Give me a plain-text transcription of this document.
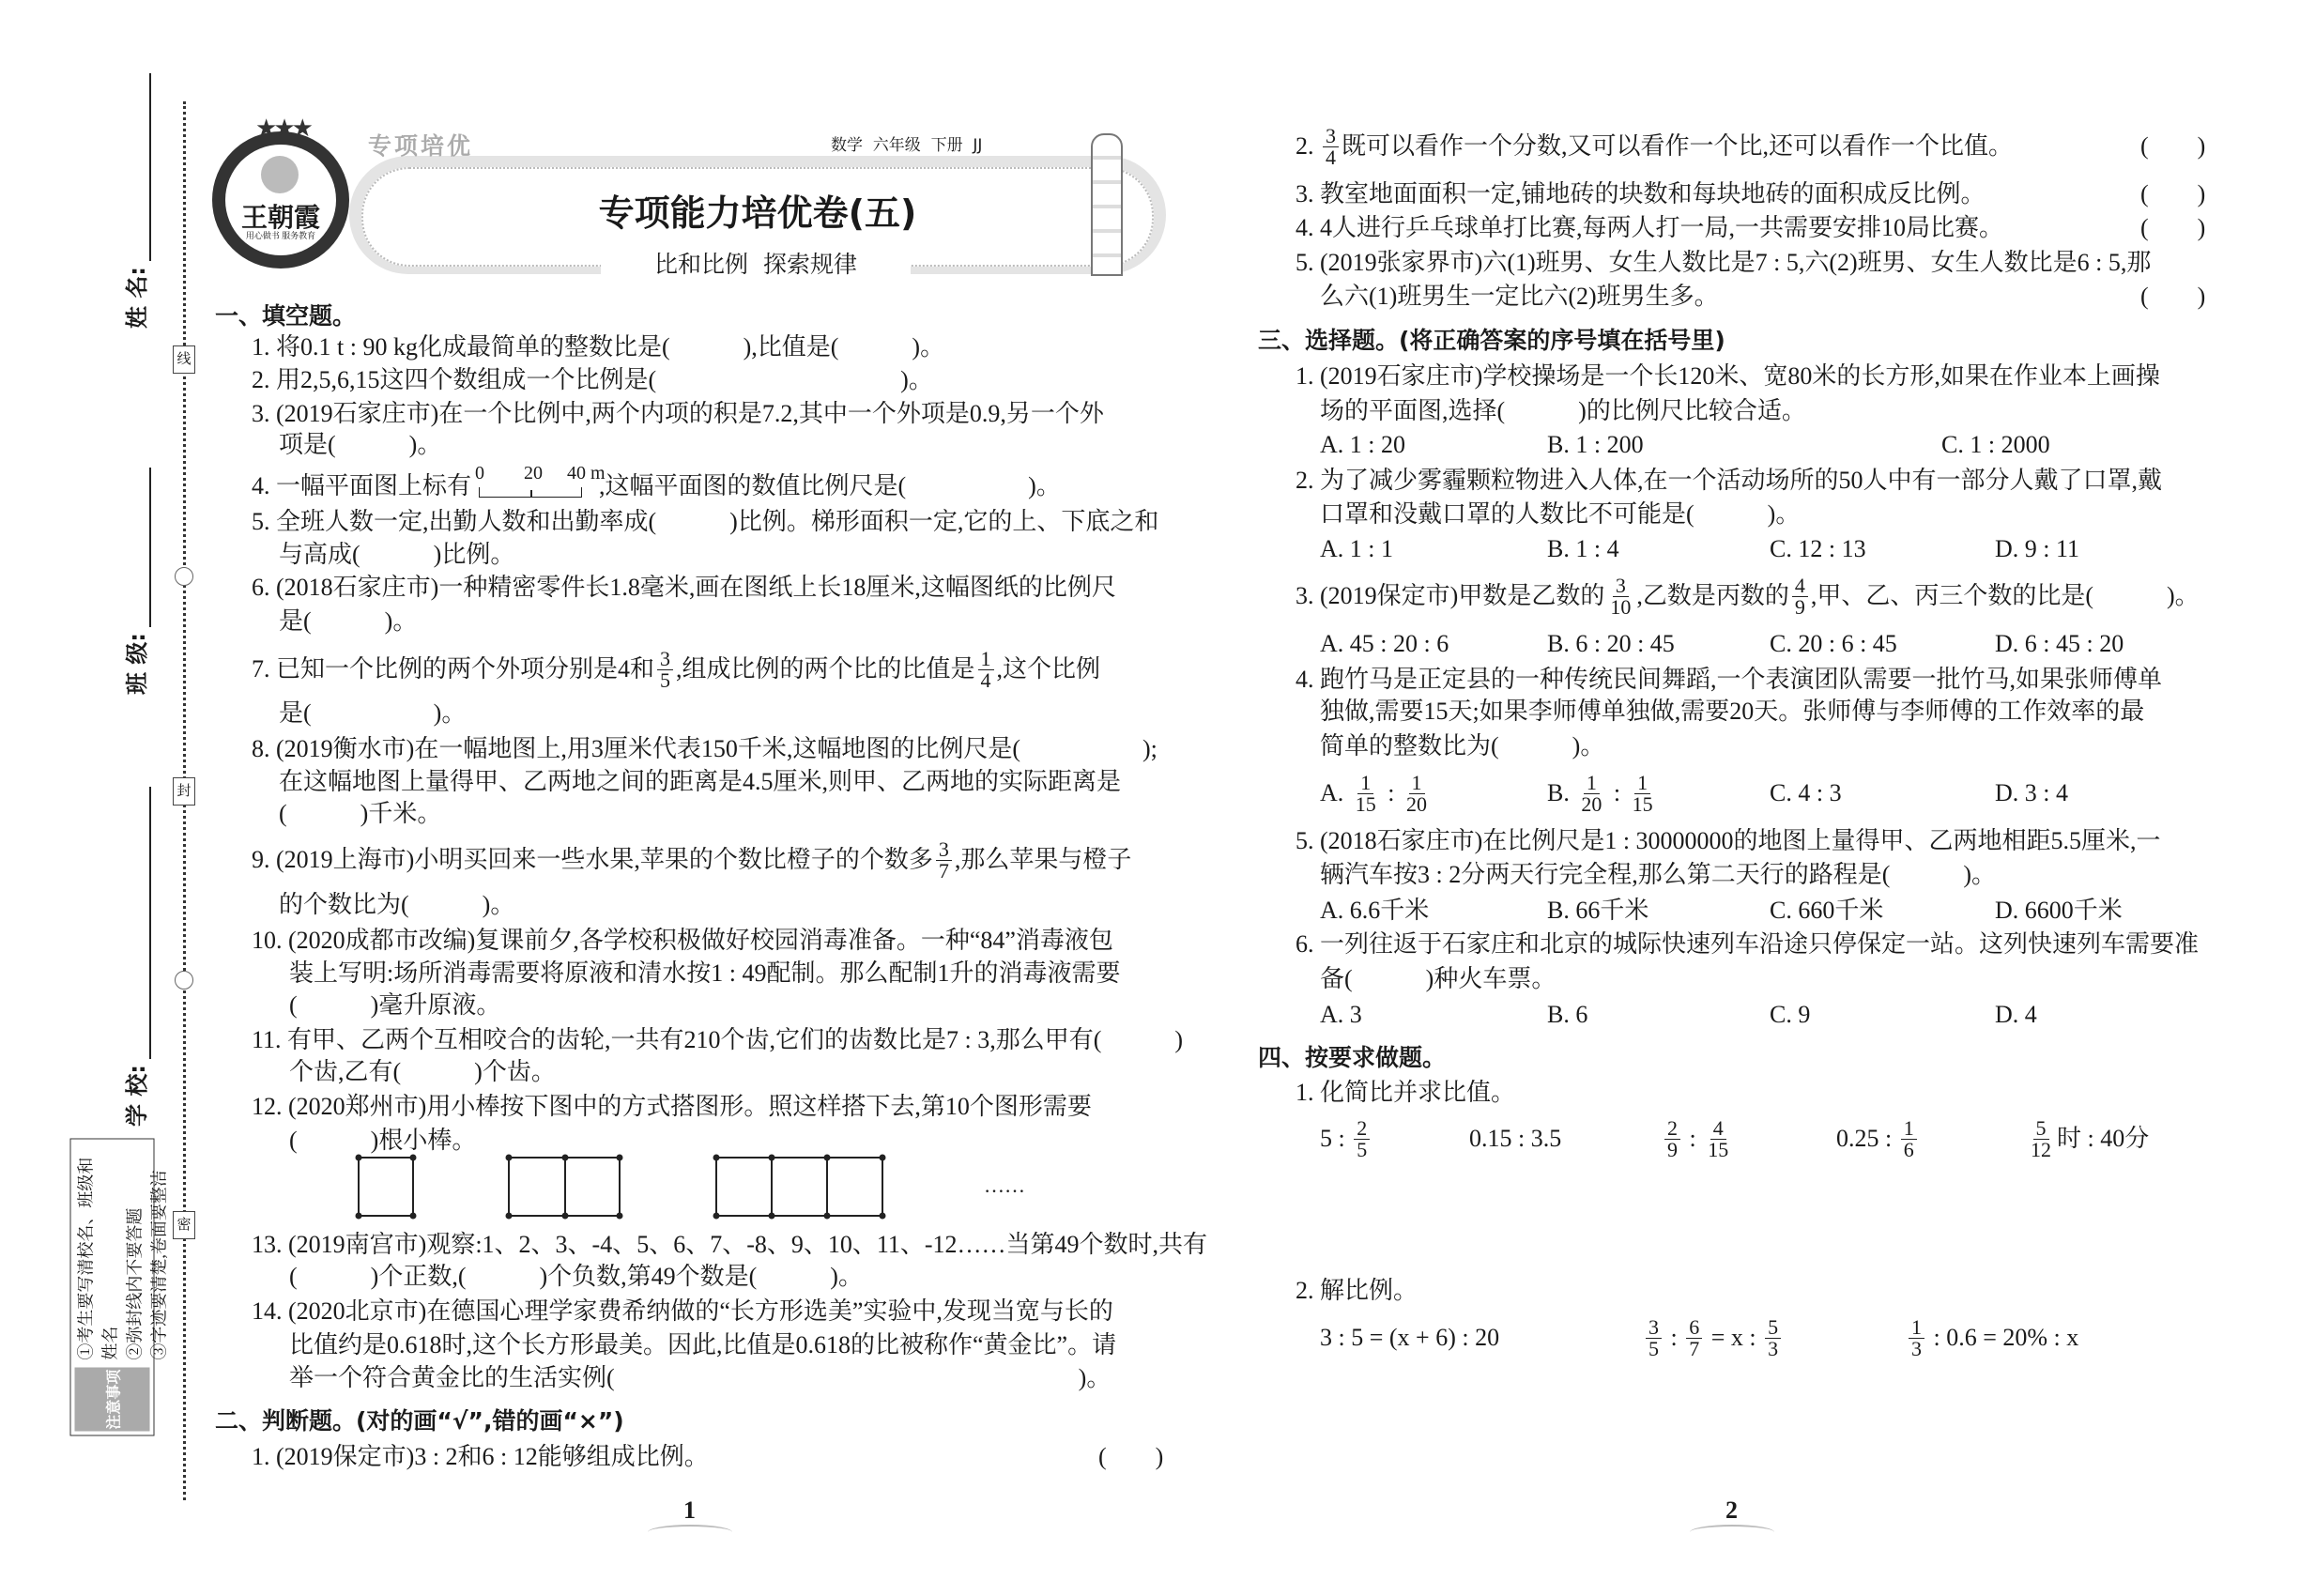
线
封
密
姓 名:
班 级:
学 校:
注意事项
①考生要写清校名、班级和姓名 ②弥封线内不要答题 ③字迹要清楚,卷面要整洁
王朝霞
用心做书 服务教育
★★★
专项培优	数学  六年级  下册  JJ
专项能力培优卷(五)
比和比例  探索规律
一、填空题。
1. 将0.1 t : 90 kg化成最简单的整数比是(　　　),比值是(　　　)。
2. 用2,5,6,15这四个数组成一个比例是(　　　　　　　　　　)。
3. (2019石家庄市)在一个比例中,两个内项的积是7.2,其中一个外项是0.9,另一个外
项是(　　　)。
4. 一幅平面图上标有 0 20 40 m
,这幅平面图的数值比例尺是(　　　　　)。
5. 全班人数一定,出勤人数和出勤率成(　　　)比例。梯形面积一定,它的上、下底之和
与高成(　　　)比例。
6. (2018石家庄市)一种精密零件长1.8毫米,画在图纸上长18厘米,这幅图纸的比例尺
是(　　　)。
7. 已知一个比例的两个外项分别是4和 $\frac{3}{5}$ ,组成比例的两个比的比值是 $\frac{1}{4}$ ,这个比例
是(　　　　　)。
8. (2019衡水市)在一幅地图上,用3厘米代表150千米,这幅地图的比例尺是(　　　　　);
在这幅地图上量得甲、乙两地之间的距离是4.5厘米,则甲、乙两地的实际距离是
(　　　)千米。
9. (2019上海市)小明买回来一些水果,苹果的个数比橙子的个数多 $\frac{3}{7}$ ,那么苹果与橙子
的个数比为(　　　)。
10. (2020成都市改编)复课前夕,各学校积极做好校园消毒准备。一种“84”消毒液包
装上写明:场所消毒需要将原液和清水按1 : 49配制。那么配制1升的消毒液需要
(　　　)毫升原液。
11. 有甲、乙两个互相咬合的齿轮,一共有210个齿,它们的齿数比是7 : 3,那么甲有(　　　)
个齿,乙有(　　　)个齿。
12. (2020郑州市)用小棒按下图中的方式搭图形。照这样搭下去,第10个图形需要
(　　　)根小棒。
13. (2019南宫市)观察:1、2、3、-4、5、6、7、-8、9、10、11、-12……当第49个数时,共有
(　　　)个正数,(　　　)个负数,第49个数是(　　　)。
14. (2020北京市)在德国心理学家费希纳做的“长方形选美”实验中,发现当宽与长的
比值约是0.618时,这个长方形最美。因此,比值是0.618的比被称作“黄金比”。请
举一个符合黄金比的生活实例(　　　　　　　　　　　　　　　　　　　)。
二、判断题。(对的画“√”,错的画“×”)
1. (2019保定市)3 : 2和6 : 12能够组成比例。	(　　)
2. $\frac{3}{4}$ 既可以看作一个分数,又可以看作一个比,还可以看作一个比值。	(　　)
3. 教室地面面积一定,铺地砖的块数和每块地砖的面积成反比例。	(　　)
4. 4人进行乒乓球单打比赛,每两人打一局,一共需要安排10局比赛。	(　　)
5. (2019张家界市)六(1)班男、女生人数比是7 : 5,六(2)班男、女生人数比是6 : 5,那
么六(1)班男生一定比六(2)班男生多。	(　　)
三、选择题。(将正确答案的序号填在括号里)
1. (2019石家庄市)学校操场是一个长120米、宽80米的长方形,如果在作业本上画操
场的平面图,选择(　　　)的比例尺比较合适。
A. 1 : 20	B. 1 : 200	C. 1 : 2000
2. 为了减少雾霾颗粒物进入人体,在一个活动场所的50人中有一部分人戴了口罩,戴
口罩和没戴口罩的人数比不可能是(　　　)。
A. 1 : 1	B. 1 : 4	C. 12 : 13	D. 9 : 11
3. (2019保定市)甲数是乙数的 $\frac{3}{10}$ ,乙数是丙数的 $\frac{4}{9}$ ,甲、乙、丙三个数的比是(　　　)。
A. 45 : 20 : 6	B. 6 : 20 : 45	C. 20 : 6 : 45	D. 6 : 45 : 20
4. 跑竹马是正定县的一种传统民间舞蹈,一个表演团队需要一批竹马,如果张师傅单
独做,需要15天;如果李师傅单独做,需要20天。张师傅与李师傅的工作效率的最
简单的整数比为(　　　)。
A. $\frac{1}{15}$ : $\frac{1}{20}$	B. $\frac{1}{20}$ : $\frac{1}{15}$	C. 4 : 3	D. 3 : 4
5. (2018石家庄市)在比例尺是1 : 30000000的地图上量得甲、乙两地相距5.5厘米,一
辆汽车按3 : 2分两天行完全程,那么第二天行的路程是(　　　)。
A. 6.6千米	B. 66千米	C. 660千米	D. 6600千米
6. 一列往返于石家庄和北京的城际快速列车沿途只停保定一站。这列快速列车需要准
备(　　　)种火车票。
A. 3	B. 6	C. 9	D. 4
四、按要求做题。
1. 化简比并求比值。
5 : $\frac{2}{5}$	0.15 : 3.5	$\frac{2}{9}$ : $\frac{4}{15}$	0.25 : $\frac{1}{6}$	$\frac{5}{12}$ 时 : 40分
2. 解比例。
3 : 5 = (x + 6) : 20	$\frac{3}{5}$ : $\frac{6}{7} = x$ : $\frac{5}{3}$	$\frac{1}{3}$ : 0.6 = 20% : x
……
1	2
